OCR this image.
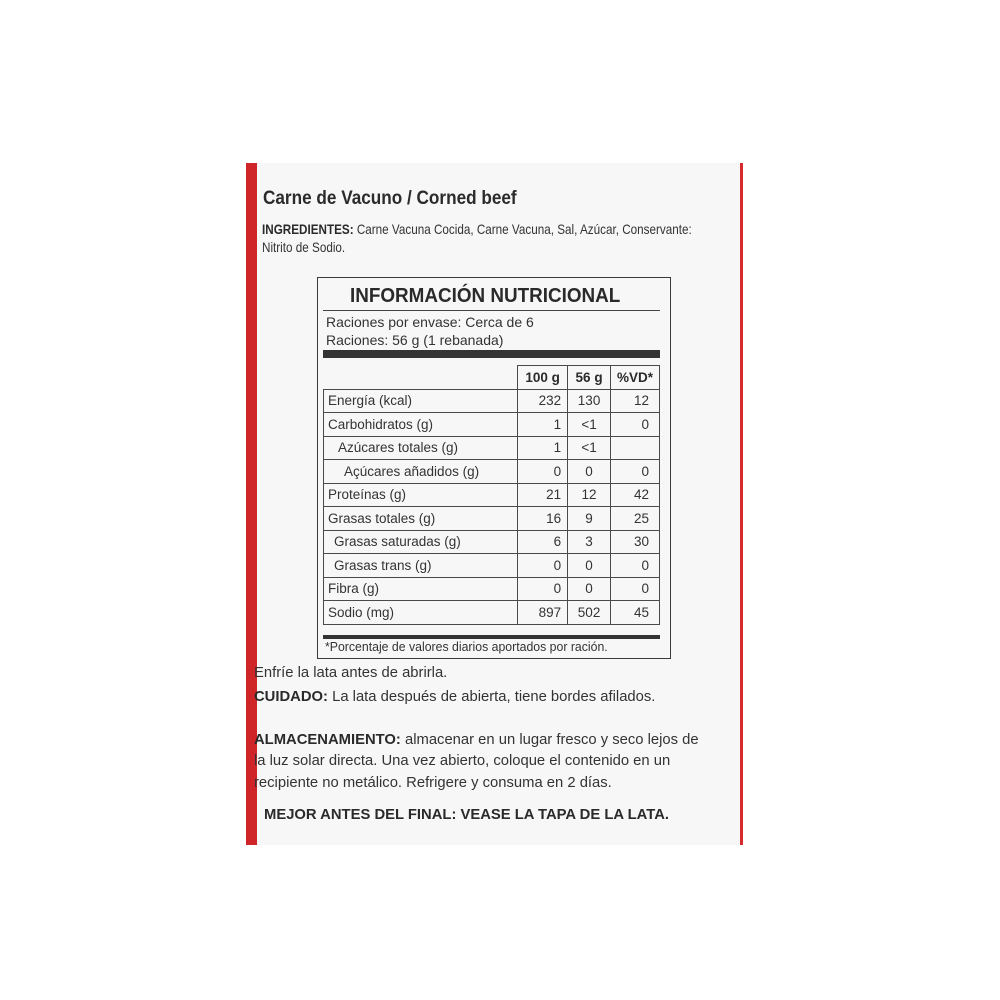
Carne de Vacuno / Corned beef
INGREDIENTES: Carne Vacuna Cocida, Carne Vacuna, Sal, Azúcar, Conservante: Nitrito de Sodio.
INFORMACIÓN NUTRICIONAL
Raciones por envase: Cerca de 6
Raciones: 56 g (1 rebanada)
	100 g	56 g	%VD*
Energía (kcal)	232	130	12
Carbohidratos (g)	1	<1	0
Azúcares totales (g)	1	<1	
Açúcares añadidos (g)	0	0	0
Proteínas (g)	21	12	42
Grasas totales (g)	16	9	25
Grasas saturadas (g)	6	3	30
Grasas trans (g)	0	0	0
Fibra (g)	0	0	0
Sodio (mg)	897	502	45
*Porcentaje de valores diarios aportados por ración.
Enfríe la lata antes de abrirla.
CUIDADO: La lata después de abierta, tiene bordes afilados.
ALMACENAMIENTO: almacenar en un lugar fresco y seco lejos de
la luz solar directa. Una vez abierto, coloque el contenido en un
recipiente no metálico. Refrigere y consuma en 2 días.
MEJOR ANTES DEL FINAL: VEASE LA TAPA DE LA LATA.
